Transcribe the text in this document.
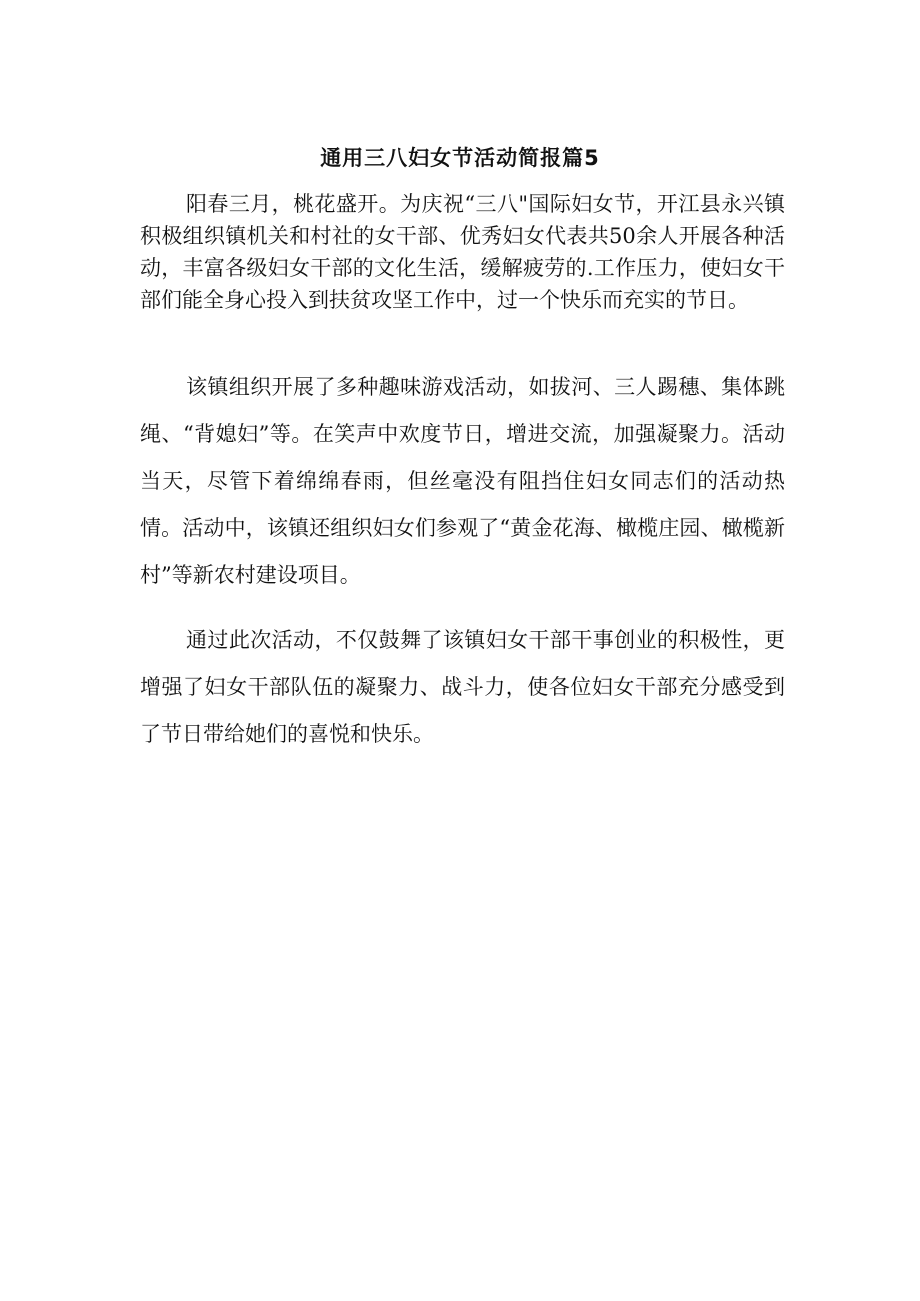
通用三八妇女节活动简报篇5

阳春三月，桃花盛开。为庆祝“三八"国际妇女节，开江县永兴镇积极组织镇机关和村社的女干部、优秀妇女代表共50余人开展各种活动，丰富各级妇女干部的文化生活，缓解疲劳的.工作压力，使妇女干部们能全身心投入到扶贫攻坚工作中，过一个快乐而充实的节日。

该镇组织开展了多种趣味游戏活动，如拔河、三人踢穗、集体跳绳、“背媳妇”等。在笑声中欢度节日，增进交流，加强凝聚力。活动当天，尽管下着绵绵春雨，但丝毫没有阻挡住妇女同志们的活动热情。活动中，该镇还组织妇女们参观了“黄金花海、橄榄庄园、橄榄新村”等新农村建设项目。

通过此次活动，不仅鼓舞了该镇妇女干部干事创业的积极性，更增强了妇女干部队伍的凝聚力、战斗力，使各位妇女干部充分感受到了节日带给她们的喜悦和快乐。
